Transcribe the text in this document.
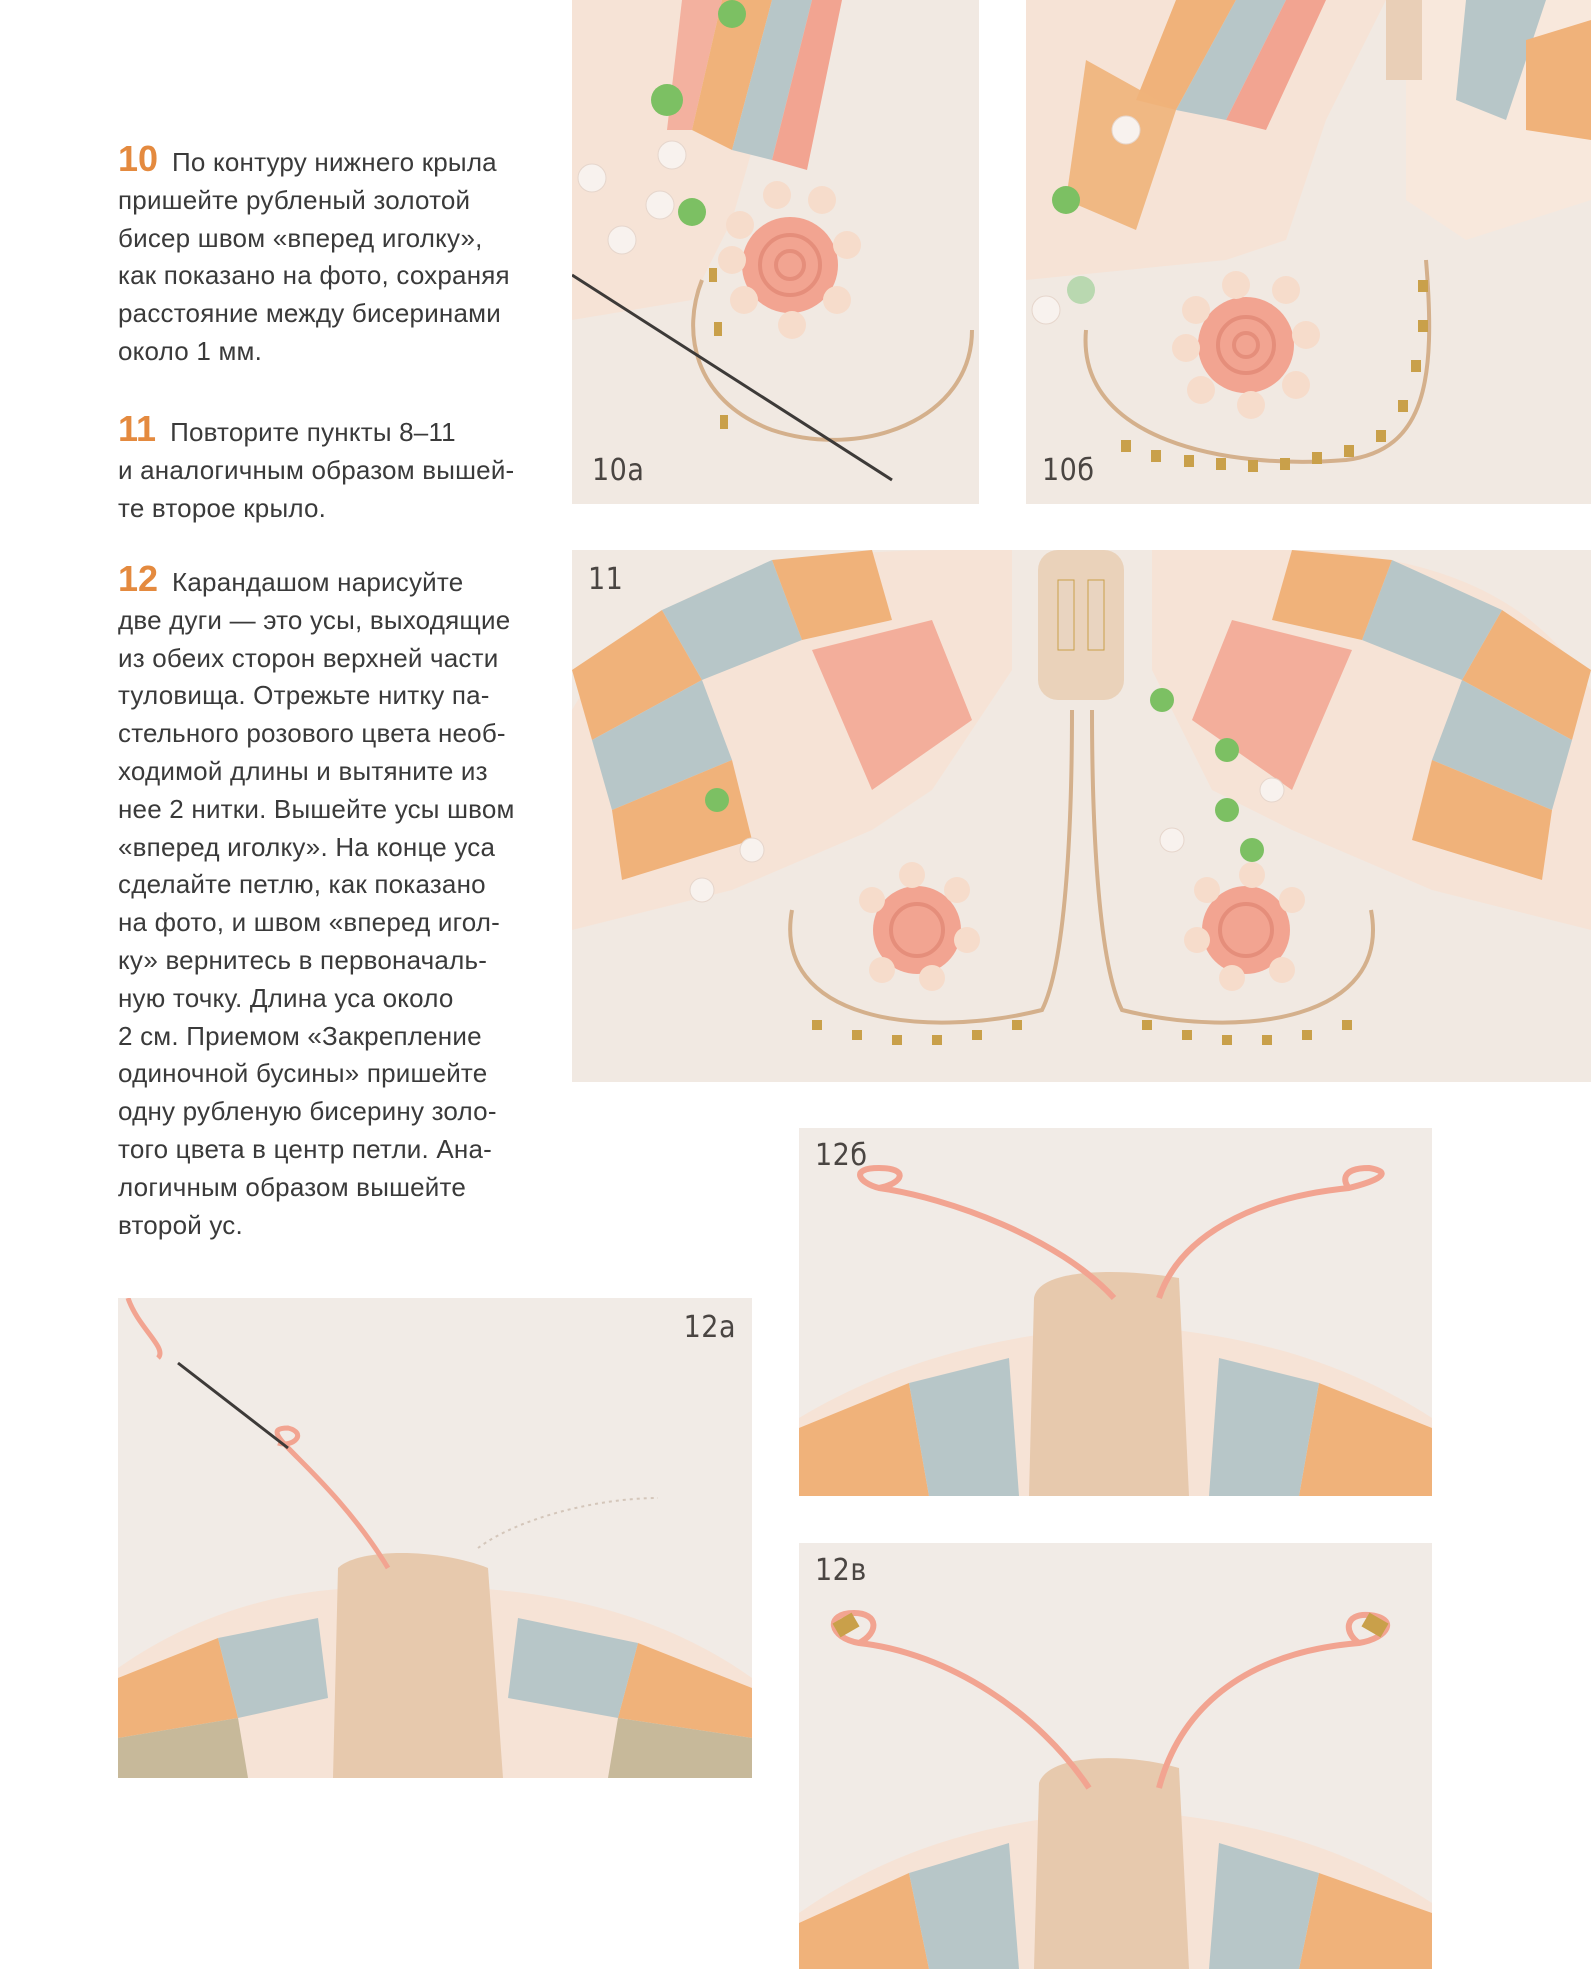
10 По контуру нижнего крыла

пришейте рубленый золотой

бисер швом «вперед иголку»,

как показано на фото, сохраняя

расстояние между бисеринами

около 1 мм.

11 Повторите пункты 8–11

и аналогичным образом вышей-

те второе крыло.

12 Карандашом нарисуйте

две дуги — это усы, выходящие

из обеих сторон верхней части

туловища. Отрежьте нитку па-

стельного розового цвета необ-

ходимой длины и вытяните из

нее 2 нитки. Вышейте усы швом

«вперед иголку». На конце уса

сделайте петлю, как показано

на фото, и швом «вперед игол-

ку» вернитесь в первоначаль-

ную точку. Длина уса около

2 см. Приемом «Закрепление

одиночной бусины» пришейте

одну рубленую бисерину золо-

того цвета в центр петли. Ана-

логичным образом вышейте

второй ус.

10а	10б
11
12б
12а
12в
